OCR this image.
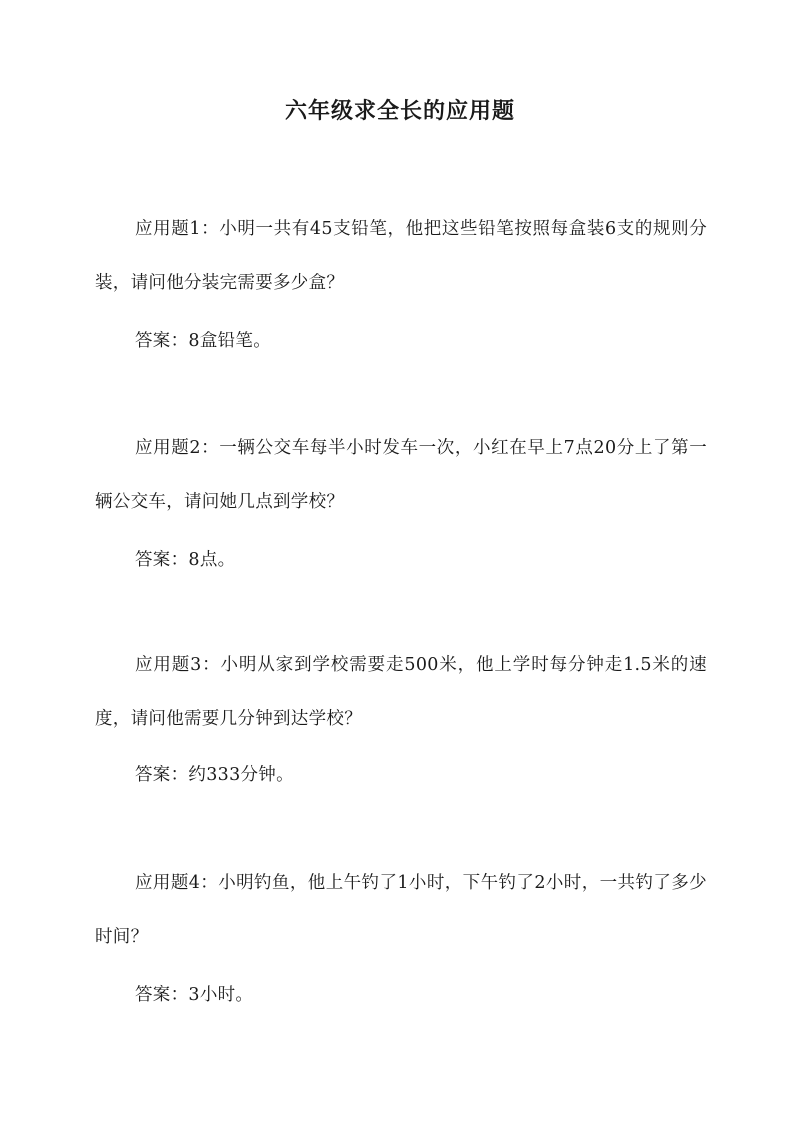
六年级求全长的应用题
应用题1：小明一共有45支铅笔，他把这些铅笔按照每盒装6支的规则分装，请问他分装完需要多少盒？
答案：8盒铅笔。
应用题2：一辆公交车每半小时发车一次，小红在早上7点20分上了第一辆公交车，请问她几点到学校？
答案：8点。
应用题3：小明从家到学校需要走500米，他上学时每分钟走1.5米的速度，请问他需要几分钟到达学校？
答案：约333分钟。
应用题4：小明钓鱼，他上午钓了1小时，下午钓了2小时，一共钓了多少时间？
答案：3小时。
